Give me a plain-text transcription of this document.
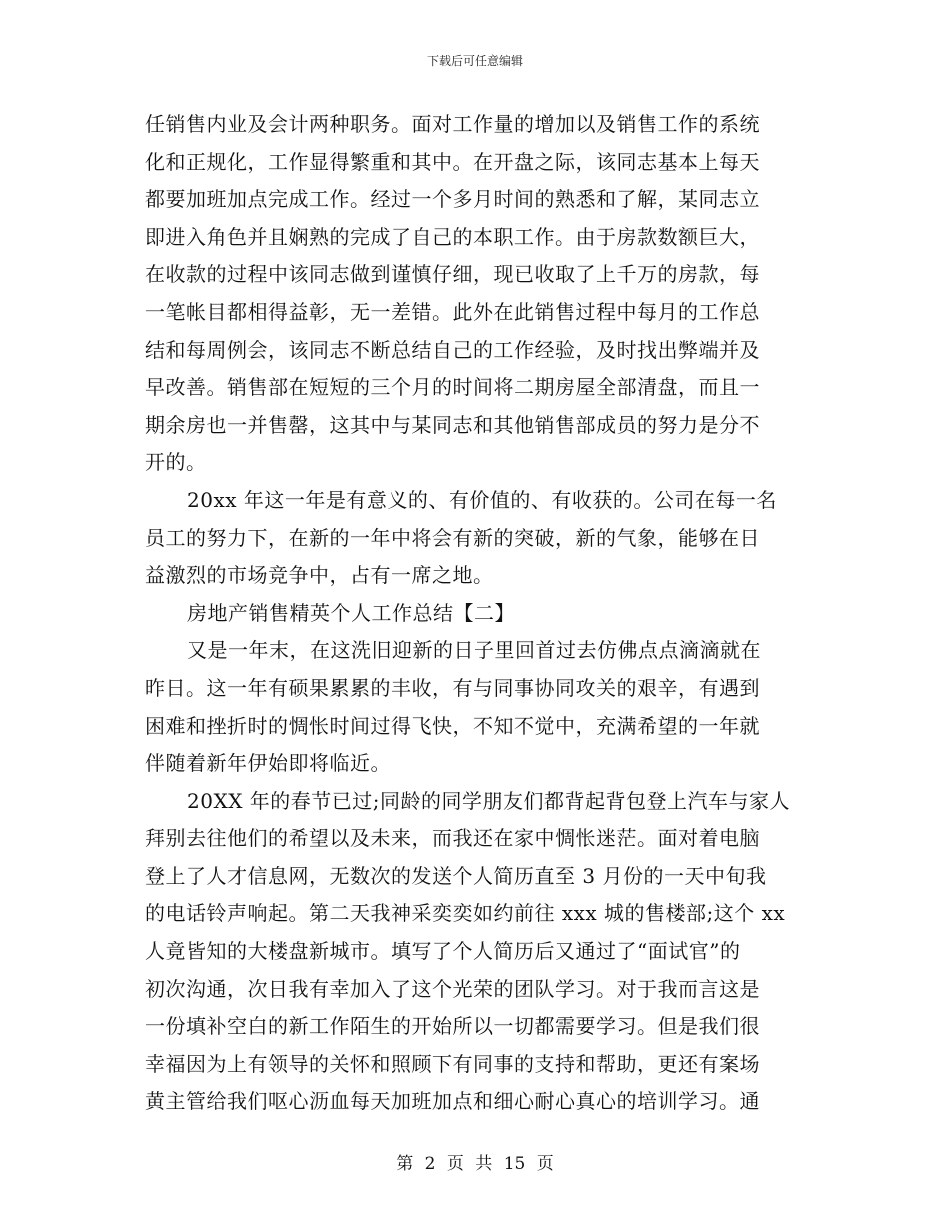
下载后可任意编辑
任销售内业及会计两种职务。面对工作量的增加以及销售工作的系统
化和正规化，工作显得繁重和其中。在开盘之际，该同志基本上每天
都要加班加点完成工作。经过一个多月时间的熟悉和了解，某同志立
即进入角色并且娴熟的完成了自己的本职工作。由于房款数额巨大，
在收款的过程中该同志做到谨慎仔细，现已收取了上千万的房款，每
一笔帐目都相得益彰，无一差错。此外在此销售过程中每月的工作总
结和每周例会，该同志不断总结自己的工作经验，及时找出弊端并及
早改善。销售部在短短的三个月的时间将二期房屋全部清盘，而且一
期余房也一并售罄，这其中与某同志和其他销售部成员的努力是分不
开的。
20xx 年这一年是有意义的、有价值的、有收获的。公司在每一名
员工的努力下，在新的一年中将会有新的突破，新的气象，能够在日
益激烈的市场竞争中，占有一席之地。
房地产销售精英个人工作总结【二】
又是一年末，在这洗旧迎新的日子里回首过去仿佛点点滴滴就在
昨日。这一年有硕果累累的丰收，有与同事协同攻关的艰辛，有遇到
困难和挫折时的惆怅时间过得飞快，不知不觉中，充满希望的一年就
伴随着新年伊始即将临近。
20XX 年的春节已过;同龄的同学朋友们都背起背包登上汽车与家人
拜别去往他们的希望以及未来，而我还在家中惆怅迷茫。面对着电脑
登上了人才信息网，无数次的发送个人简历直至 3 月份的一天中旬我
的电话铃声响起。第二天我神采奕奕如约前往 xxx 城的售楼部;这个 xx
人竟皆知的大楼盘新城市。填写了个人简历后又通过了“面试官”的
初次沟通，次日我有幸加入了这个光荣的团队学习。对于我而言这是
一份填补空白的新工作陌生的开始所以一切都需要学习。但是我们很
幸福因为上有领导的关怀和照顾下有同事的支持和帮助，更还有案场
黄主管给我们呕心沥血每天加班加点和细心耐心真心的培训学习。通
第 2 页 共 15 页
